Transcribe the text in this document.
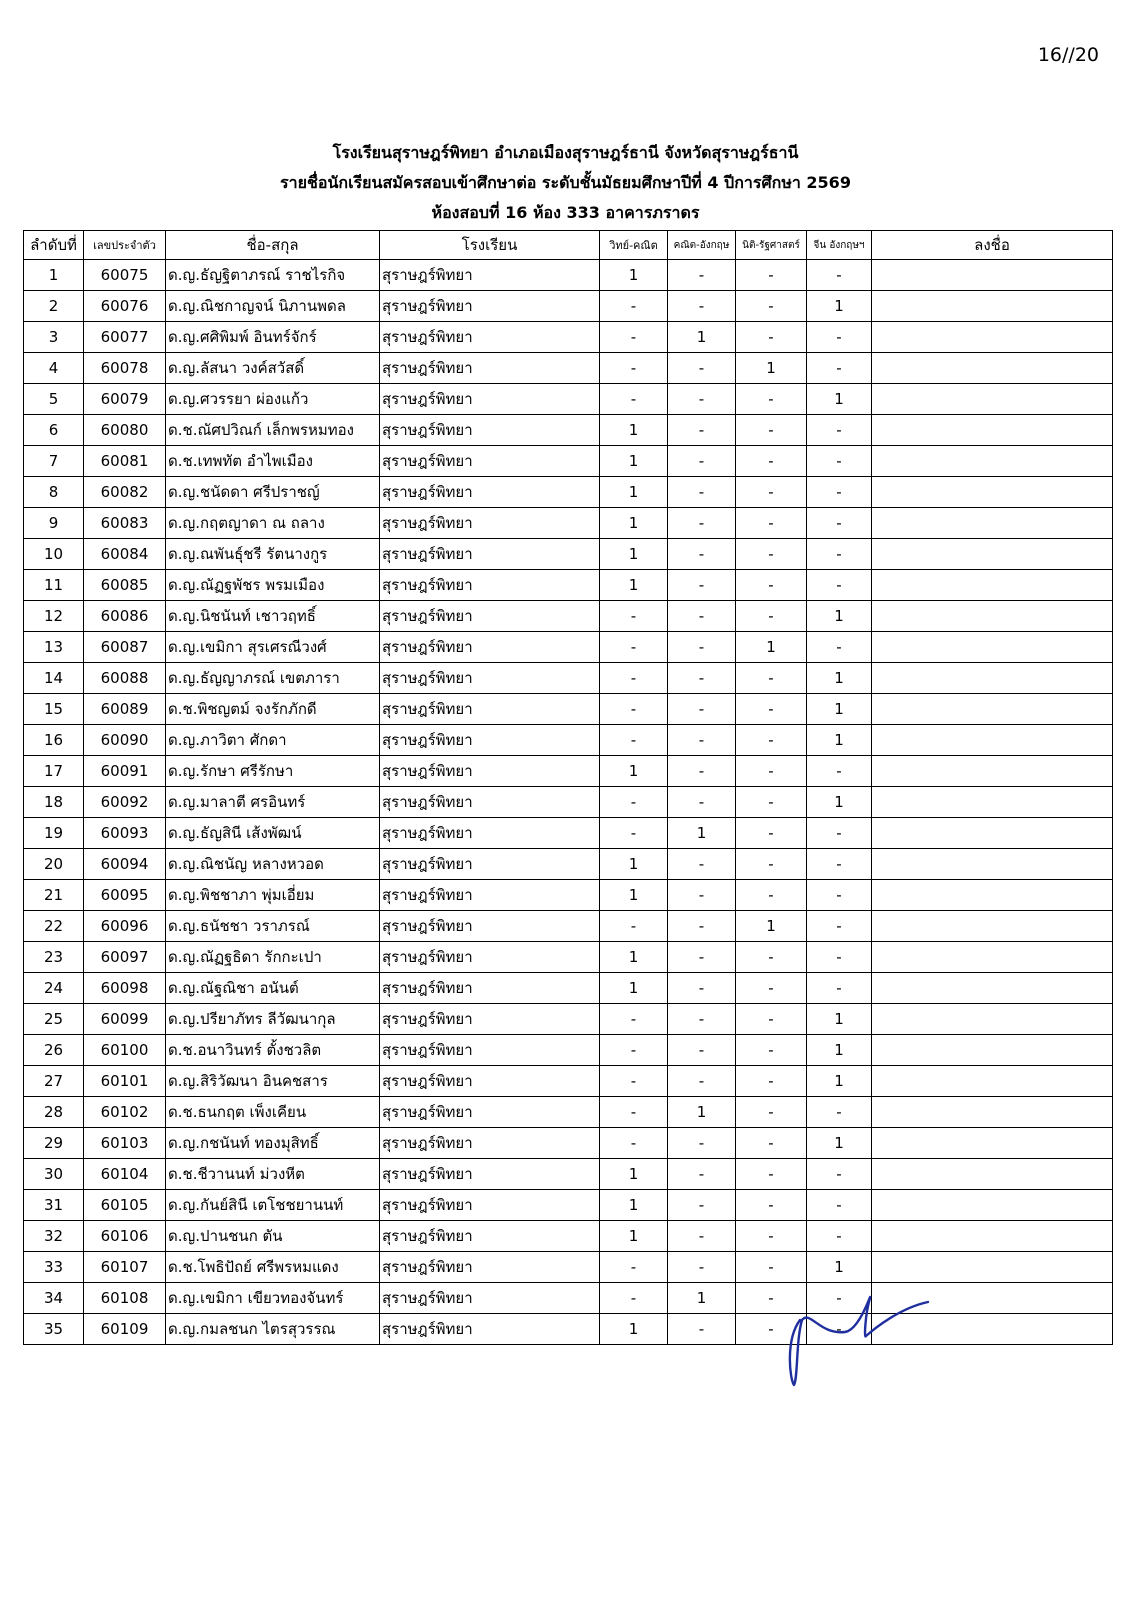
16//20
โรงเรียนสุราษฎร์พิทยา อำเภอเมืองสุราษฎร์ธานี จังหวัดสุราษฎร์ธานี
รายชื่อนักเรียนสมัครสอบเข้าศึกษาต่อ ระดับชั้นมัธยมศึกษาปีที่ 4 ปีการศึกษา 2569
ห้องสอบที่ 16 ห้อง 333 อาคารภราดร
ลำดับที่	เลขประจำตัว	ชื่อ-สกุล	โรงเรียน	วิทย์-คณิต	คณิต-อังกฤษ	นิติ-รัฐศาสตร์	จีน อังกฤษฯ	ลงชื่อ
1	60075	ด.ญ.ธัญฐิตาภรณ์ ราชไรกิจ	สุราษฎร์พิทยา	1	-	-	-	
2	60076	ด.ญ.ณิชกาญจน์ นิภานพดล	สุราษฎร์พิทยา	-	-	-	1	
3	60077	ด.ญ.ศศิพิมพ์ อินทร์จักร์	สุราษฎร์พิทยา	-	1	-	-	
4	60078	ด.ญ.ลัสนา วงค์สวัสดิ์	สุราษฎร์พิทยา	-	-	1	-	
5	60079	ด.ญ.ศวรรยา ผ่องแก้ว	สุราษฎร์พิทยา	-	-	-	1	
6	60080	ด.ช.ณัศปวิณก์ เล็กพรหมทอง	สุราษฎร์พิทยา	1	-	-	-	
7	60081	ด.ช.เทพทัต อำไพเมือง	สุราษฎร์พิทยา	1	-	-	-	
8	60082	ด.ญ.ชนัดดา ศรีปราชญ์	สุราษฎร์พิทยา	1	-	-	-	
9	60083	ด.ญ.กฤตญาดา ณ ถลาง	สุราษฎร์พิทยา	1	-	-	-	
10	60084	ด.ญ.ณพันธุ์ชรี รัตนางกูร	สุราษฎร์พิทยา	1	-	-	-	
11	60085	ด.ญ.ณัฏฐพัชร พรมเมือง	สุราษฎร์พิทยา	1	-	-	-	
12	60086	ด.ญ.นิชนันท์ เชาวฤทธิ์	สุราษฎร์พิทยา	-	-	-	1	
13	60087	ด.ญ.เขมิกา สุรเศรณีวงศ์	สุราษฎร์พิทยา	-	-	1	-	
14	60088	ด.ญ.ธัญญาภรณ์ เขตภารา	สุราษฎร์พิทยา	-	-	-	1	
15	60089	ด.ช.พิชญตม์ จงรักภักดี	สุราษฎร์พิทยา	-	-	-	1	
16	60090	ด.ญ.ภาวิตา ศักดา	สุราษฎร์พิทยา	-	-	-	1	
17	60091	ด.ญ.รักษา ศรีรักษา	สุราษฎร์พิทยา	1	-	-	-	
18	60092	ด.ญ.มาลาตี ศรอินทร์	สุราษฎร์พิทยา	-	-	-	1	
19	60093	ด.ญ.ธัญสินี เส้งพัฒน์	สุราษฎร์พิทยา	-	1	-	-	
20	60094	ด.ญ.ณิชนัญ หลางหวอด	สุราษฎร์พิทยา	1	-	-	-	
21	60095	ด.ญ.พิชชาภา พุ่มเอี่ยม	สุราษฎร์พิทยา	1	-	-	-	
22	60096	ด.ญ.ธนัชชา วราภรณ์	สุราษฎร์พิทยา	-	-	1	-	
23	60097	ด.ญ.ณัฏฐธิดา รักกะเปา	สุราษฎร์พิทยา	1	-	-	-	
24	60098	ด.ญ.ณัฐณิชา อนันต์	สุราษฎร์พิทยา	1	-	-	-	
25	60099	ด.ญ.ปรียาภัทร ลีวัฒนากุล	สุราษฎร์พิทยา	-	-	-	1	
26	60100	ด.ช.อนาวินทร์ ตั้งชวลิต	สุราษฎร์พิทยา	-	-	-	1	
27	60101	ด.ญ.สิริวัฒนา อินคชสาร	สุราษฎร์พิทยา	-	-	-	1	
28	60102	ด.ช.ธนกฤต เพ็งเคียน	สุราษฎร์พิทยา	-	1	-	-	
29	60103	ด.ญ.กชนันท์ ทองมุสิทธิ์	สุราษฎร์พิทยา	-	-	-	1	
30	60104	ด.ช.ชีวานนท์ ม่วงหีต	สุราษฎร์พิทยา	1	-	-	-	
31	60105	ด.ญ.กันย์สินี เตโชชยานนท์	สุราษฎร์พิทยา	1	-	-	-	
32	60106	ด.ญ.ปานชนก ตัน	สุราษฎร์พิทยา	1	-	-	-	
33	60107	ด.ช.โพธิปัถย์ ศรีพรหมแดง	สุราษฎร์พิทยา	-	-	-	1	
34	60108	ด.ญ.เขมิกา เขียวทองจันทร์	สุราษฎร์พิทยา	-	1	-	-	
35	60109	ด.ญ.กมลชนก ไตรสุวรรณ	สุราษฎร์พิทยา	1	-	-	-	
